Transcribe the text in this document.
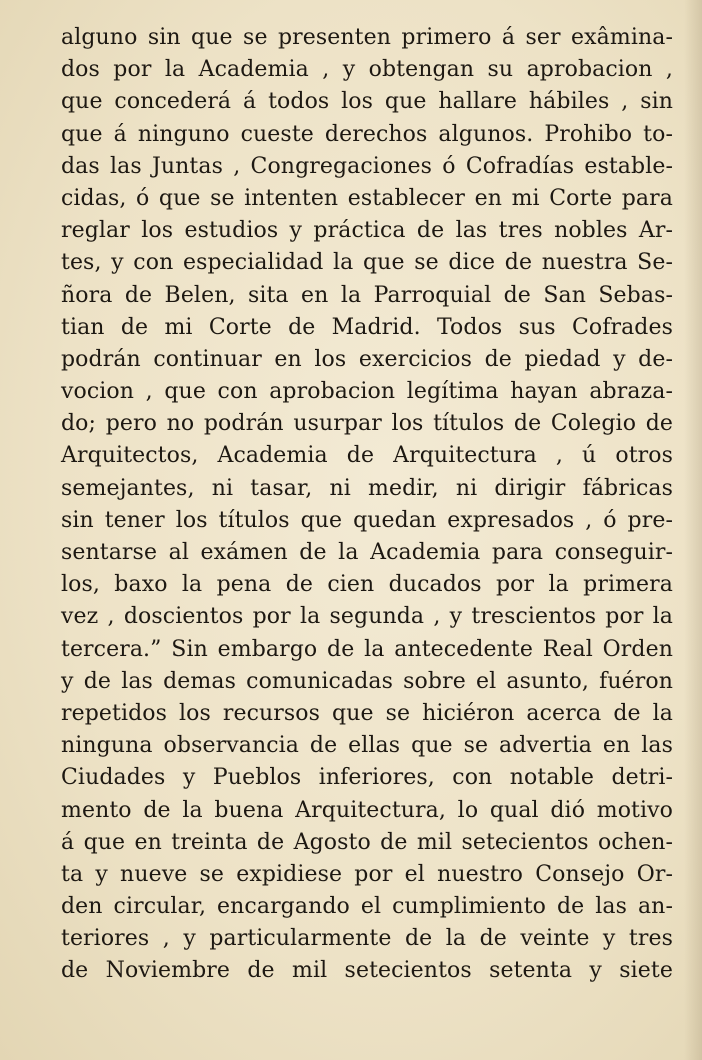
alguno sin que se presenten primero á ser exâmina-
dos por la Academia , y obtengan su aprobacion ,
que concederá á todos los que hallare hábiles , sin
que á ninguno cueste derechos algunos. Prohibo to-
das las Juntas , Congregaciones ó Cofradías estable-
cidas, ó que se intenten establecer en mi Corte para
reglar los estudios y práctica de las tres nobles Ar-
tes, y con especialidad la que se dice de nuestra Se-
ñora de Belen, sita en la Parroquial de San Sebas-
tian de mi Corte de Madrid. Todos sus Cofrades
podrán continuar en los exercicios de piedad y de-
vocion , que con aprobacion legítima hayan abraza-
do; pero no podrán usurpar los títulos de Colegio de
Arquitectos, Academia de Arquitectura , ú otros
semejantes, ni tasar, ni medir, ni dirigir fábricas
sin tener los títulos que quedan expresados , ó pre-
sentarse al exámen de la Academia para conseguir-
los, baxo la pena de cien ducados por la primera
vez , doscientos por la segunda , y trescientos por la
tercera.” Sin embargo de la antecedente Real Orden
y de las demas comunicadas sobre el asunto, fuéron
repetidos los recursos que se hiciéron acerca de la
ninguna observancia de ellas que se advertia en las
Ciudades y Pueblos inferiores, con notable detri-
mento de la buena Arquitectura, lo qual dió motivo
á que en treinta de Agosto de mil setecientos ochen-
ta y nueve se expidiese por el nuestro Consejo Or-
den circular, encargando el cumplimiento de las an-
teriores , y particularmente de la de veinte y tres
de Noviembre de mil setecientos setenta y siete
